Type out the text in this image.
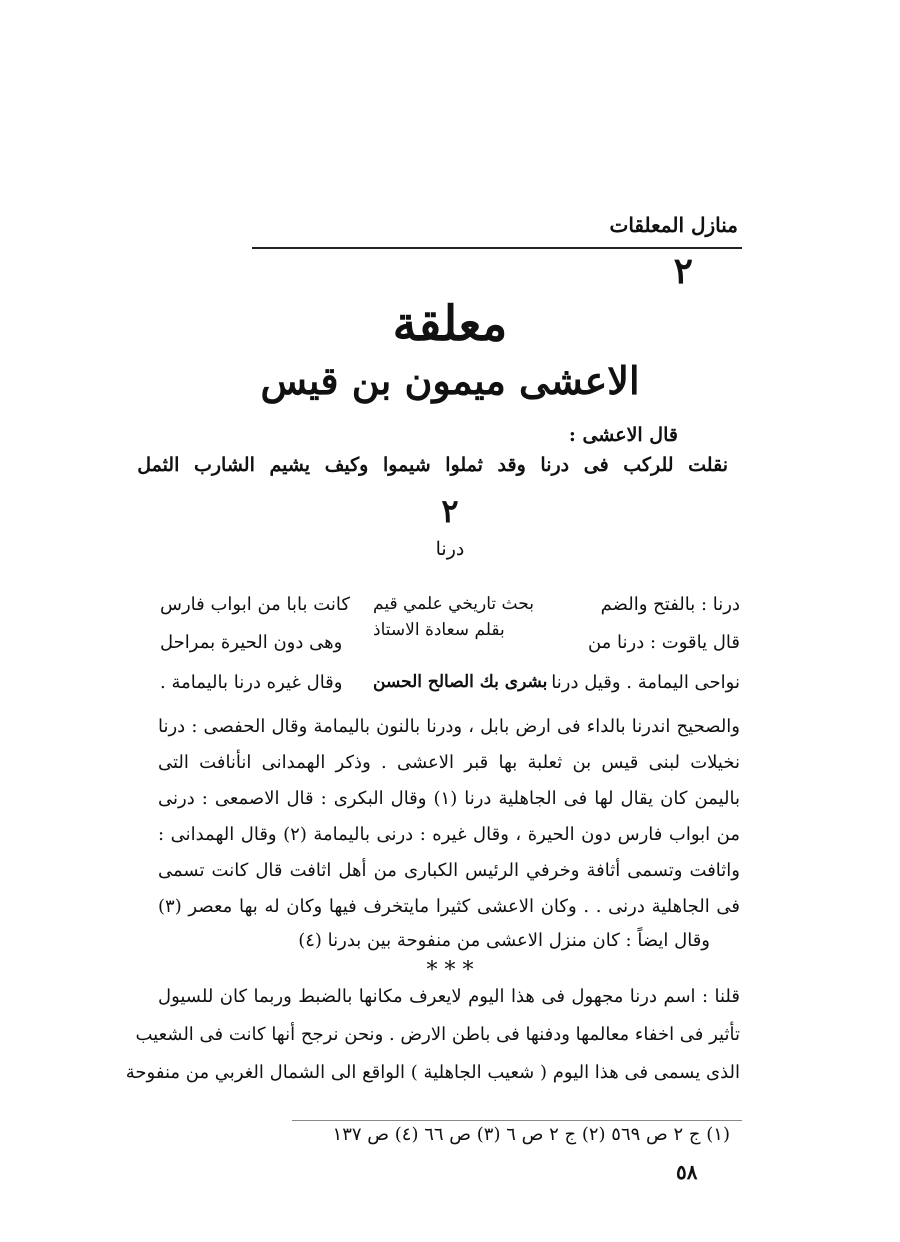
منازل المعلقات
٢
معلقة
الاعشى ميمون بن قيس
قال الاعشى :
نقلت للركب فى درنا وقد ثملوا شيموا وكيف يشيم الشارب الثمل
٢
درنا
درنا : بالفتح والضم
بحث تاريخي علمي قيم
كانت بابا من ابواب فارس
قال ياقوت : درنا من
بقلم سعادة الاستاذ
وهى دون الحيرة بمراحل
نواحى اليمامة . وقيل درنا
بشرى بك الصالح الحسن
وقال غيره درنا باليمامة .
والصحيح اندرنا بالداء فى ارض بابل ، ودرنا بالنون باليمامة وقال الحفصى : درنا
نخيلات لبنى قيس بن ثعلبة بها قبر الاعشى . وذكر الهمدانى انأنافت التى
باليمن كان يقال لها فى الجاهلية درنا (١) وقال البكرى : قال الاصمعى : درنى
من ابواب فارس دون الحيرة ، وقال غيره : درنى باليمامة (٢) وقال الهمدانى :
واثافت وتسمى أثافة وخرفي الرئيس الكبارى من أهل اثافت قال كانت تسمى
فى الجاهلية درنى . . وكان الاعشى كثيرا مايتخرف فيها وكان له بها معصر (٣)
وقال ايضاً : كان منزل الاعشى من منفوحة بين بدرنا (٤)
* * *
قلنا : اسم درنا مجهول فى هذا اليوم لايعرف مكانها بالضبط وربما كان للسيول
تأثير فى اخفاء معالمها ودفنها فى باطن الارض . ونحن نرجح أنها كانت فى الشعيب
الذى يسمى فى هذا اليوم ( شعيب الجاهلية ) الواقع الى الشمال الغربي من منفوحة
(١) ج ٢ ص ٥٦٩ (٢) ج ٢ ص ٦ (٣) ص ٦٦ (٤) ص ١٣٧
٥٨
